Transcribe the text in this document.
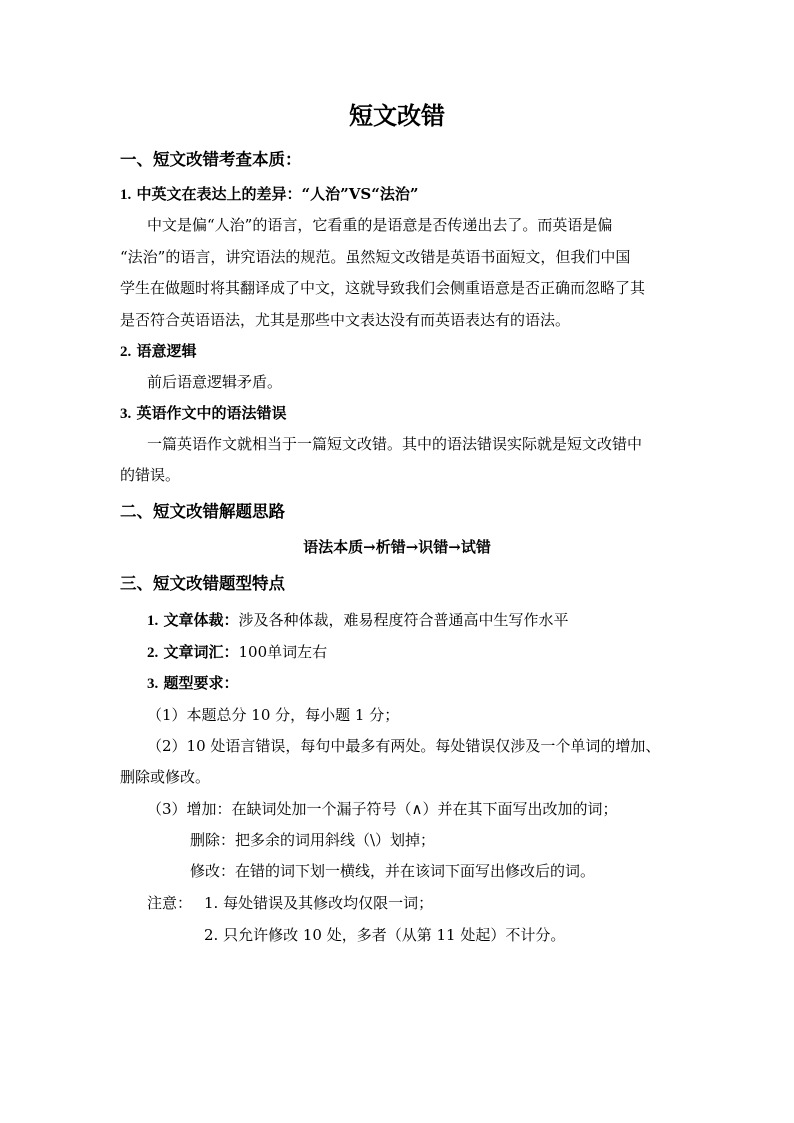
短文改错
一、短文改错考查本质：
1. 中英文在表达上的差异：“人治”VS“法治”
中文是偏“人治”的语言，它看重的是语意是否传递出去了。而英语是偏
“法治”的语言，讲究语法的规范。虽然短文改错是英语书面短文，但我们中国
学生在做题时将其翻译成了中文，这就导致我们会侧重语意是否正确而忽略了其
是否符合英语语法，尤其是那些中文表达没有而英语表达有的语法。
2. 语意逻辑
前后语意逻辑矛盾。
3. 英语作文中的语法错误
一篇英语作文就相当于一篇短文改错。其中的语法错误实际就是短文改错中
的错误。
二、短文改错解题思路
语法本质→析错→识错→试错
三、短文改错题型特点
1. 文章体裁：涉及各种体裁，难易程度符合普通高中生写作水平
2. 文章词汇：100单词左右
3. 题型要求：
（1）本题总分 10 分，每小题 1 分；
（2）10 处语言错误，每句中最多有两处。每处错误仅涉及一个单词的增加、
删除或修改。
（3）增加：在缺词处加一个漏子符号（∧）并在其下面写出改加的词；
删除：把多余的词用斜线（\）划掉；
修改：在错的词下划一横线，并在该词下面写出修改后的词。
注意： 1. 每处错误及其修改均仅限一词；
2. 只允许修改 10 处，多者（从第 11 处起）不计分。
